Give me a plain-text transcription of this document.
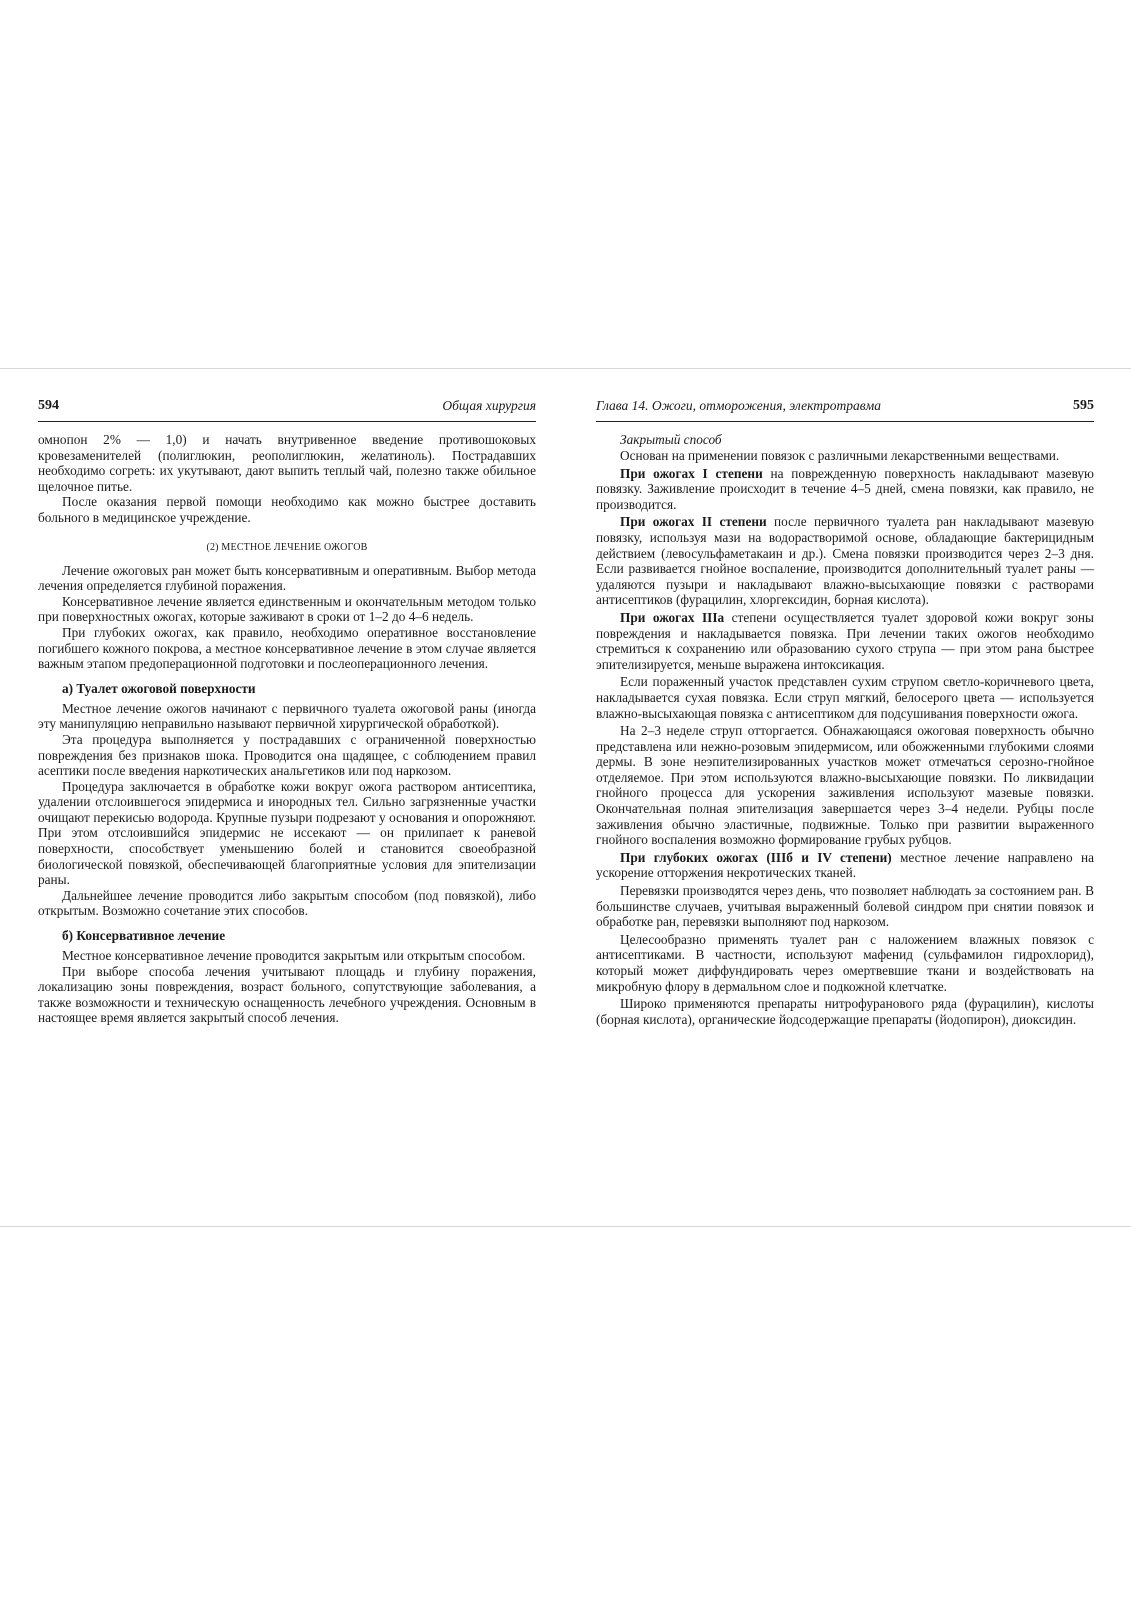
594	Общая хирургия

омнопон 2% — 1,0) и начать внутривенное введение противошоковых кровезаменителей (полиглюкин, реополиглюкин, желатиноль). Пострадавших необходимо согреть: их укутывают, дают выпить теплый чай, полезно также обильное щелочное питье.

После оказания первой помощи необходимо как можно быстрее доставить больного в медицинское учреждение.

(2) МЕСТНОЕ ЛЕЧЕНИЕ ОЖОГОВ

Лечение ожоговых ран может быть консервативным и оперативным. Выбор метода лечения определяется глубиной поражения.

Консервативное лечение является единственным и окончательным методом только при поверхностных ожогах, которые заживают в сроки от 1–2 до 4–6 недель.

При глубоких ожогах, как правило, необходимо оперативное восстановление погибшего кожного покрова, а местное консервативное лечение в этом случае является важным этапом предоперационной подготовки и послеоперационного лечения.

а) Туалет ожоговой поверхности

Местное лечение ожогов начинают с первичного туалета ожоговой раны (иногда эту манипуляцию неправильно называют первичной хирургической обработкой).

Эта процедура выполняется у пострадавших с ограниченной поверхностью повреждения без признаков шока. Проводится она щадящее, с соблюдением правил асептики после введения наркотических анальгетиков или под наркозом.

Процедура заключается в обработке кожи вокруг ожога раствором антисептика, удалении отслоившегося эпидермиса и инородных тел. Сильно загрязненные участки очищают перекисью водорода. Крупные пузыри подрезают у основания и опорожняют. При этом отслоившийся эпидермис не иссекают — он прилипает к раневой поверхности, способствует уменьшению болей и становится своеобразной биологической повязкой, обеспечивающей благоприятные условия для эпителизации раны.

Дальнейшее лечение проводится либо закрытым способом (под повязкой), либо открытым. Возможно сочетание этих способов.

б) Консервативное лечение

Местное консервативное лечение проводится закрытым или открытым способом.

При выборе способа лечения учитывают площадь и глубину поражения, локализацию зоны повреждения, возраст больного, сопутствующие заболевания, а также возможности и техническую оснащенность лечебного учреждения. Основным в настоящее время является закрытый способ лечения.

Глава 14. Ожоги, отморожения, электротравма	595
Закрытый способ

Основан на применении повязок с различными лекарственными веществами.

При ожогах I степени на поврежденную поверхность накладывают мазевую повязку. Заживление происходит в течение 4–5 дней, смена повязки, как правило, не производится.

При ожогах II степени после первичного туалета ран накладывают мазевую повязку, используя мази на водорастворимой основе, обладающие бактерицидным действием (левосульфаметакаин и др.). Смена повязки производится через 2–3 дня. Если развивается гнойное воспаление, производится дополнительный туалет раны — удаляются пузыри и накладывают влажно-высыхающие повязки с растворами антисептиков (фурацилин, хлоргексидин, борная кислота).

При ожогах IIIа степени осуществляется туалет здоровой кожи вокруг зоны повреждения и накладывается повязка. При лечении таких ожогов необходимо стремиться к сохранению или образованию сухого струпа — при этом рана быстрее эпителизируется, меньше выражена интоксикация.

Если пораженный участок представлен сухим струпом светло-коричневого цвета, накладывается сухая повязка. Если струп мягкий, белосерого цвета — используется влажно-высыхающая повязка с антисептиком для подсушивания поверхности ожога.

На 2–3 неделе струп отторгается. Обнажающаяся ожоговая поверхность обычно представлена или нежно-розовым эпидермисом, или обожженными глубокими слоями дермы. В зоне неэпителизированных участков может отмечаться серозно-гнойное отделяемое. При этом используются влажно-высыхающие повязки. По ликвидации гнойного процесса для ускорения заживления используют мазевые повязки. Окончательная полная эпителизация завершается через 3–4 недели. Рубцы после заживления обычно эластичные, подвижные. Только при развитии выраженного гнойного воспаления возможно формирование грубых рубцов.

При глубоких ожогах (IIIб и IV степени) местное лечение направлено на ускорение отторжения некротических тканей.

Перевязки производятся через день, что позволяет наблюдать за состоянием ран. В большинстве случаев, учитывая выраженный болевой синдром при снятии повязок и обработке ран, перевязки выполняют под наркозом.

Целесообразно применять туалет ран с наложением влажных повязок с антисептиками. В частности, используют мафенид (сульфамилон гидрохлорид), который может диффундировать через омертвевшие ткани и воздействовать на микробную флору в дермальном слое и подкожной клетчатке.

Широко применяются препараты нитрофуранового ряда (фурацилин), кислоты (борная кислота), органические йодсодержащие препараты (йодопирон), диоксидин.
